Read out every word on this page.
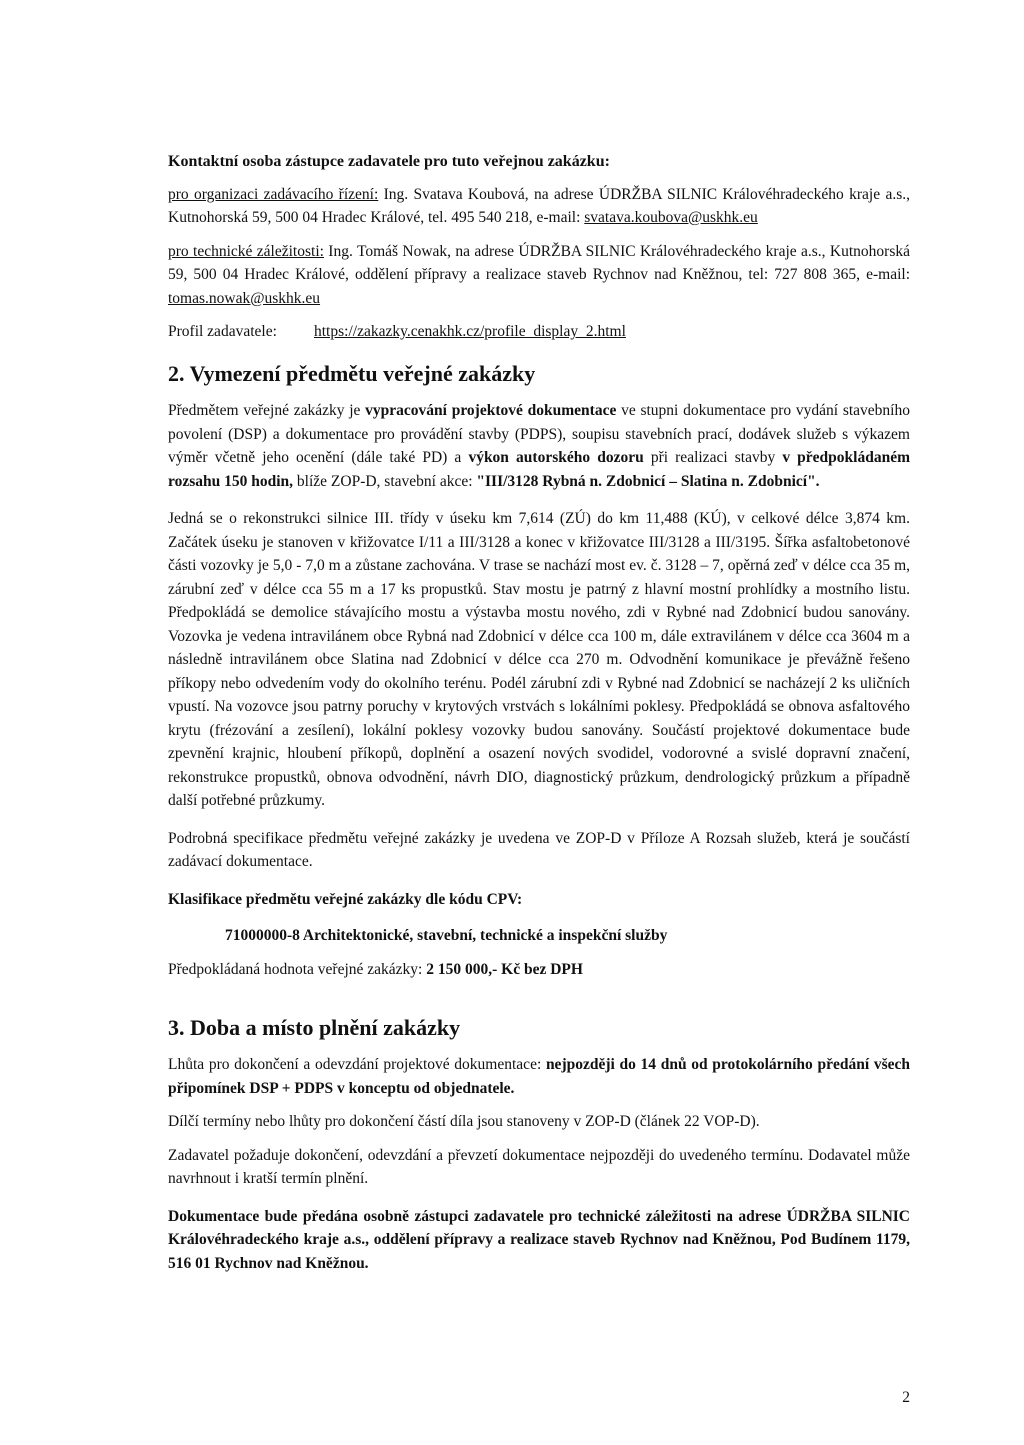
Kontaktní osoba zástupce zadavatele pro tuto veřejnou zakázku:

pro organizaci zadávacího řízení: Ing. Svatava Koubová, na adrese ÚDRŽBA SILNIC Královéhradeckého kraje a.s., Kutnohorská 59, 500 04 Hradec Králové, tel. 495 540 218, e-mail: svatava.koubova@uskhk.eu

pro technické záležitosti: Ing. Tomáš Nowak, na adrese ÚDRŽBA SILNIC Královéhradeckého kraje a.s., Kutnohorská 59, 500 04 Hradec Králové, oddělení přípravy a realizace staveb Rychnov nad Kněžnou, tel: 727 808 365, e-mail: tomas.nowak@uskhk.eu

Profil zadavatele:	https://zakazky.cenakhk.cz/profile_display_2.html
2. Vymezení předmětu veřejné zakázky

Předmětem veřejné zakázky je vypracování projektové dokumentace ve stupni dokumentace pro vydání stavebního povolení (DSP) a dokumentace pro provádění stavby (PDPS), soupisu stavebních prací, dodávek služeb s výkazem výměr včetně jeho ocenění (dále také PD) a výkon autorského dozoru při realizaci stavby v předpokládaném rozsahu 150 hodin, blíže ZOP-D, stavební akce: "III/3128 Rybná n. Zdobnicí – Slatina n. Zdobnicí".

Jedná se o rekonstrukci silnice III. třídy v úseku km 7,614 (ZÚ) do km 11,488 (KÚ), v celkové délce 3,874 km. Začátek úseku je stanoven v křižovatce I/11 a III/3128 a konec v křižovatce III/3128 a III/3195. Šířka asfaltobetonové části vozovky je 5,0 - 7,0 m a zůstane zachována. V trase se nachází most ev. č. 3128 – 7, opěrná zeď v délce cca 35 m, zárubní zeď v délce cca 55 m a 17 ks propustků. Stav mostu je patrný z hlavní mostní prohlídky a mostního listu. Předpokládá se demolice stávajícího mostu a výstavba mostu nového, zdi v Rybné nad Zdobnicí budou sanovány. Vozovka je vedena intravilánem obce Rybná nad Zdobnicí v délce cca 100 m, dále extravilánem v délce cca 3604 m a následně intravilánem obce Slatina nad Zdobnicí v délce cca 270 m. Odvodnění komunikace je převážně řešeno příkopy nebo odvedením vody do okolního terénu. Podél zárubní zdi v Rybné nad Zdobnicí se nacházejí 2 ks uličních vpustí. Na vozovce jsou patrny poruchy v krytových vrstvách s lokálními poklesy. Předpokládá se obnova asfaltového krytu (frézování a zesílení), lokální poklesy vozovky budou sanovány. Součástí projektové dokumentace bude zpevnění krajnic, hloubení příkopů, doplnění a osazení nových svodidel, vodorovné a svislé dopravní značení, rekonstrukce propustků, obnova odvodnění, návrh DIO, diagnostický průzkum, dendrologický průzkum a případně další potřebné průzkumy.

Podrobná specifikace předmětu veřejné zakázky je uvedena ve ZOP-D v Příloze A Rozsah služeb, která je součástí zadávací dokumentace.

Klasifikace předmětu veřejné zakázky dle kódu CPV:

71000000-8 Architektonické, stavební, technické a inspekční služby

Předpokládaná hodnota veřejné zakázky: 2 150 000,- Kč bez DPH

3. Doba a místo plnění zakázky

Lhůta pro dokončení a odevzdání projektové dokumentace: nejpozději do 14 dnů od protokolárního předání všech připomínek DSP + PDPS v konceptu od objednatele.

Dílčí termíny nebo lhůty pro dokončení částí díla jsou stanoveny v ZOP-D (článek 22 VOP-D).

Zadavatel požaduje dokončení, odevzdání a převzetí dokumentace nejpozději do uvedeného termínu. Dodavatel může navrhnout i kratší termín plnění.

Dokumentace bude předána osobně zástupci zadavatele pro technické záležitosti na adrese ÚDRŽBA SILNIC Královéhradeckého kraje a.s., oddělení přípravy a realizace staveb Rychnov nad Kněžnou, Pod Budínem 1179, 516 01 Rychnov nad Kněžnou.

2
